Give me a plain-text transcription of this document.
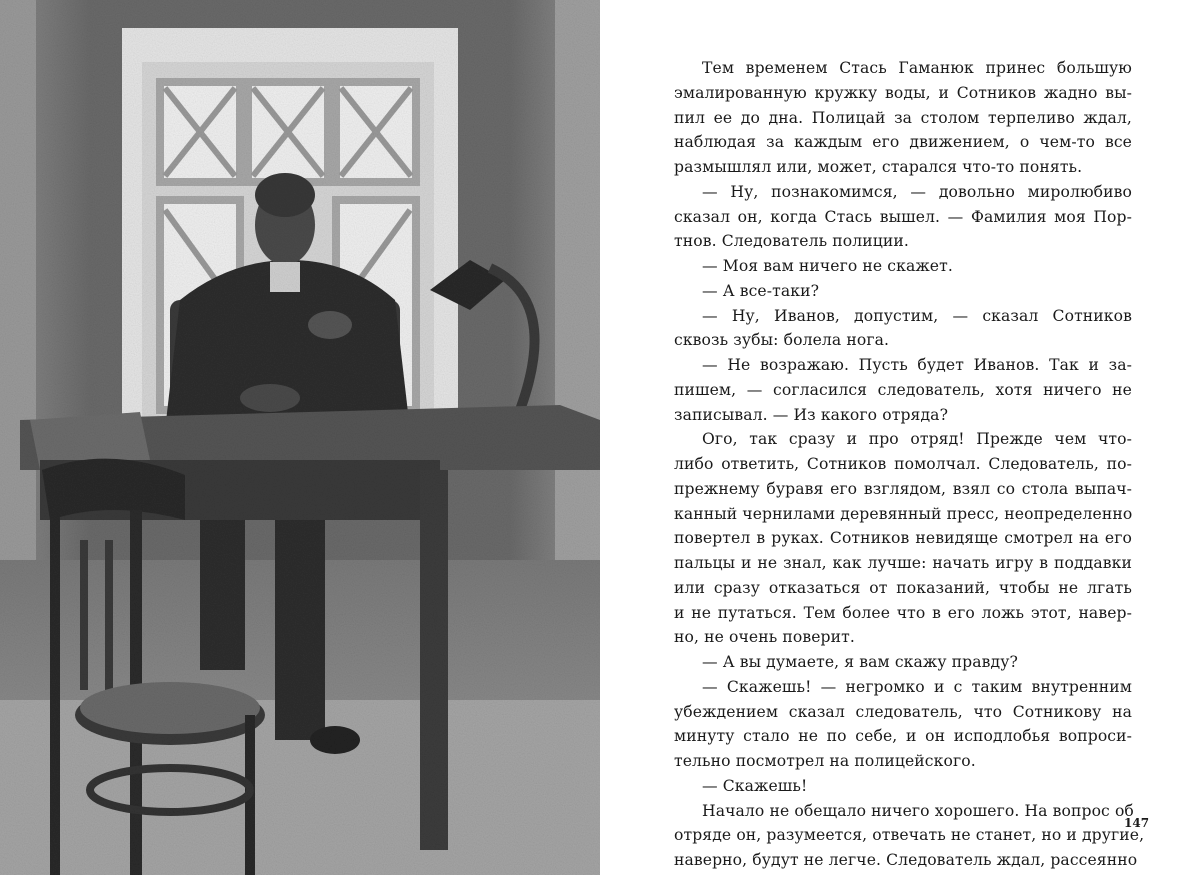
Тем временем Стась Гаманюк принес большую
эмалированную кружку воды, и Сотников жадно вы-
пил ее до дна. Полицай за столом терпеливо ждал,
наблюдая за каждым его движением, о чем-то все
размышлял или, может, старался что-то понять.
— Ну, познакомимся, — довольно миролюбиво
сказал он, когда Стась вышел. — Фамилия моя Пор-
тнов. Следователь полиции.
— Моя вам ничего не скажет.
— А все-таки?
— Ну, Иванов, допустим, — сказал Сотников
сквозь зубы: болела нога.
— Не возражаю. Пусть будет Иванов. Так и за-
пишем, — согласился следователь, хотя ничего не
записывал. — Из какого отряда?
Ого, так сразу и про отряд! Прежде чем что-
либо ответить, Сотников помолчал. Следователь, по-
прежнему буравя его взглядом, взял со стола выпач-
канный чернилами деревянный пресс, неопределенно
повертел в руках. Сотников невидяще смотрел на его
пальцы и не знал, как лучше: начать игру в поддавки
или сразу отказаться от показаний, чтобы не лгать
и не путаться. Тем более что в его ложь этот, навер-
но, не очень поверит.
— А вы думаете, я вам скажу правду?
— Скажешь! — негромко и с таким внутренним
убеждением сказал следователь, что Сотникову на
минуту стало не по себе, и он исподлобья вопроси-
тельно посмотрел на полицейского.
— Скажешь!
Начало не обещало ничего хорошего. На вопрос об
отряде он, разумеется, отвечать не станет, но и другие,
наверно, будут не легче. Следователь ждал, рассеянно
147
